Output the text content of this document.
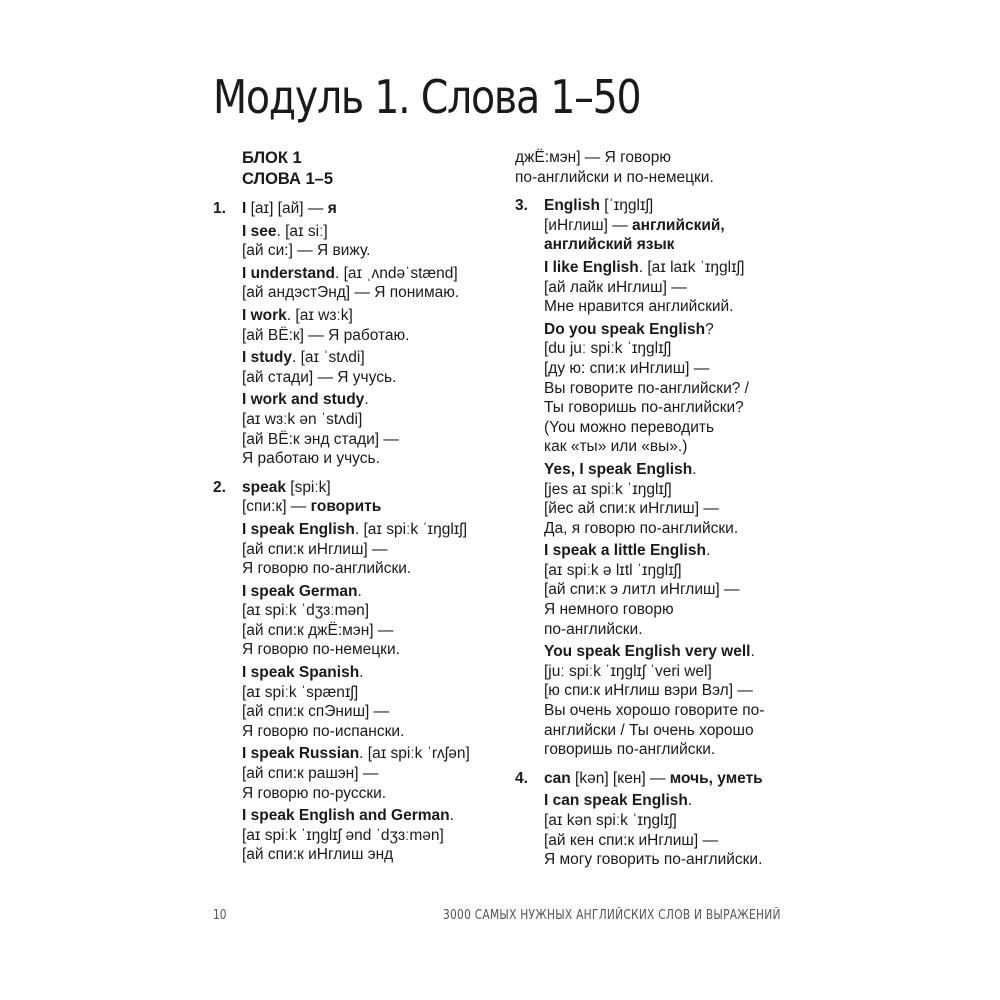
Модуль 1. Слова 1–50
БЛОК 1
СЛОВА 1–5
1. I [aɪ] [ай] — я
I see. [aɪ siː]
[ай си:] — Я вижу.
I understand. [aɪ ˌʌndəˈstænd]
[ай андэстЭнд] — Я понимаю.
I work. [aɪ wɜːk]
[ай ВЁ:к] — Я работаю.
I study. [aɪ ˈstʌdi]
[ай стади] — Я учусь.
I work and study.
[aɪ wɜːk ən ˈstʌdi]
[ай ВЁ:к энд стади] —
Я работаю и учусь.
2. speak [spiːk]
[спи:к] — говорить
I speak English. [aɪ spiːk ˈɪŋɡlɪʃ]
[ай спи:к иНглиш] —
Я говорю по-английски.
I speak German.
[aɪ spiːk ˈdʒɜːmən]
[ай спи:к джЁ:мэн] —
Я говорю по-немецки.
I speak Spanish.
[aɪ spiːk ˈspænɪʃ]
[ай спи:к спЭниш] —
Я говорю по-испански.
I speak Russian. [aɪ spiːk ˈrʌʃən]
[ай спи:к рашэн] —
Я говорю по-русски.
I speak English and German.
[aɪ spiːk ˈɪŋɡlɪʃ ənd ˈdʒɜːmən]
[ай спи:к иНглиш энд
джЁ:мэн] — Я говорю
по-английски и по-немецки.
3. English [ˈɪŋɡlɪʃ]
[иНглиш] — английский,
английский язык
I like English. [aɪ laɪk ˈɪŋɡlɪʃ]
[ай лайк иНглиш] —
Мне нравится английский.
Do you speak English?
[du juː spiːk ˈɪŋɡlɪʃ]
[ду ю: спи:к иНглиш] —
Вы говорите по-английски? /
Ты говоришь по-английски?
(You можно переводить
как «ты» или «вы».)
Yes, I speak English.
[jes aɪ spiːk ˈɪŋɡlɪʃ]
[йес ай спи:к иНглиш] —
Да, я говорю по-английски.
I speak a little English.
[aɪ spiːk ə lɪtl ˈɪŋɡlɪʃ]
[ай спи:к э литл иНглиш] —
Я немного говорю
по-английски.
You speak English very well.
[juː spiːk ˈɪŋɡlɪʃ ˈveri wel]
[ю спи:к иНглиш вэри Вэл] —
Вы очень хорошо говорите по-
английски / Ты очень хорошо
говоришь по-английски.
4. can [kən] [кен] — мочь, уметь
I can speak English.
[aɪ kən spiːk ˈɪŋɡlɪʃ]
[ай кен спи:к иНглиш] —
Я могу говорить по-английски.
10	3000 САМЫХ НУЖНЫХ АНГЛИЙСКИХ СЛОВ И ВЫРАЖЕНИЙ
